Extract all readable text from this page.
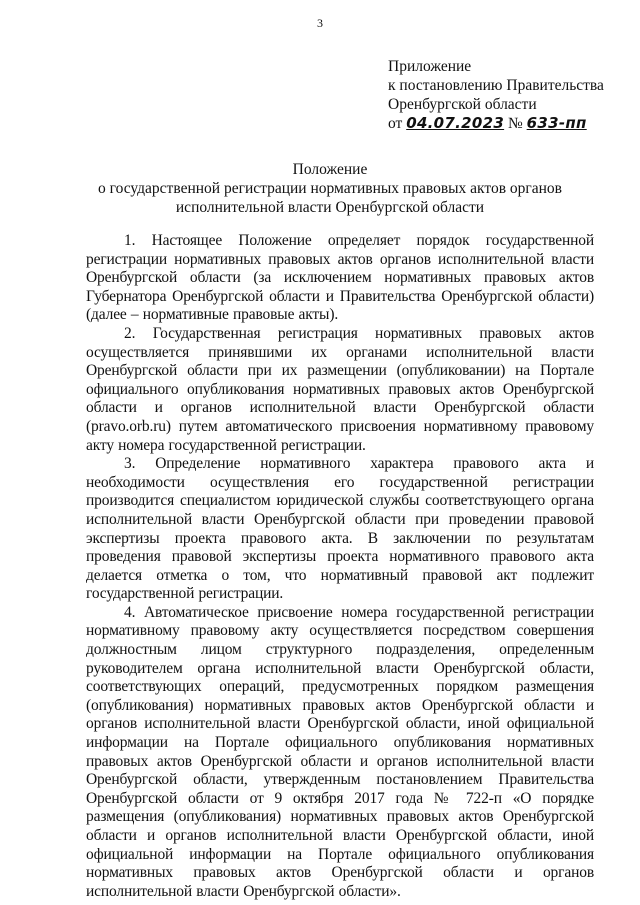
3
Приложение
к постановлению Правительства
Оренбургской области
от 04.07.2023 № 633-пп
Положение
о государственной регистрации нормативных правовых актов органов
исполнительной власти Оренбургской области

1. Настоящее Положение определяет порядок государственной регистрации нормативных правовых актов органов исполнительной власти Оренбургской области (за исключением нормативных правовых актов Губернатора Оренбургской области и Правительства Оренбургской области) (далее – нормативные правовые акты).

2. Государственная регистрация нормативных правовых актов осуществляется принявшими их органами исполнительной власти Оренбургской области при их размещении (опубликовании) на Портале официального опубликования нормативных правовых актов Оренбургской области и органов исполнительной власти Оренбургской области (pravo.orb.ru) путем автоматического присвоения нормативному правовому акту номера государственной регистрации.

3. Определение нормативного характера правового акта и необходимости осуществления его государственной регистрации производится специалистом юридической службы соответствующего органа исполнительной власти Оренбургской области при проведении правовой экспертизы проекта правового акта. В заключении по результатам проведения правовой экспертизы проекта нормативного правового акта делается отметка о том, что нормативный правовой акт подлежит государственной регистрации.

4. Автоматическое присвоение номера государственной регистрации нормативному правовому акту осуществляется посредством совершения должностным лицом структурного подразделения, определенным руководителем органа исполнительной власти Оренбургской области, соответствующих операций, предусмотренных порядком размещения (опубликования) нормативных правовых актов Оренбургской области и органов исполнительной власти Оренбургской области, иной официальной информации на Портале официального опубликования нормативных правовых актов Оренбургской области и органов исполнительной власти Оренбургской области, утвержденным постановлением Правительства Оренбургской области от 9 октября 2017 года № 722-п «О порядке размещения (опубликования) нормативных правовых актов Оренбургской области и органов исполнительной власти Оренбургской области, иной официальной информации на Портале официального опубликования нормативных правовых актов Оренбургской области и органов исполнительной власти Оренбургской области».
